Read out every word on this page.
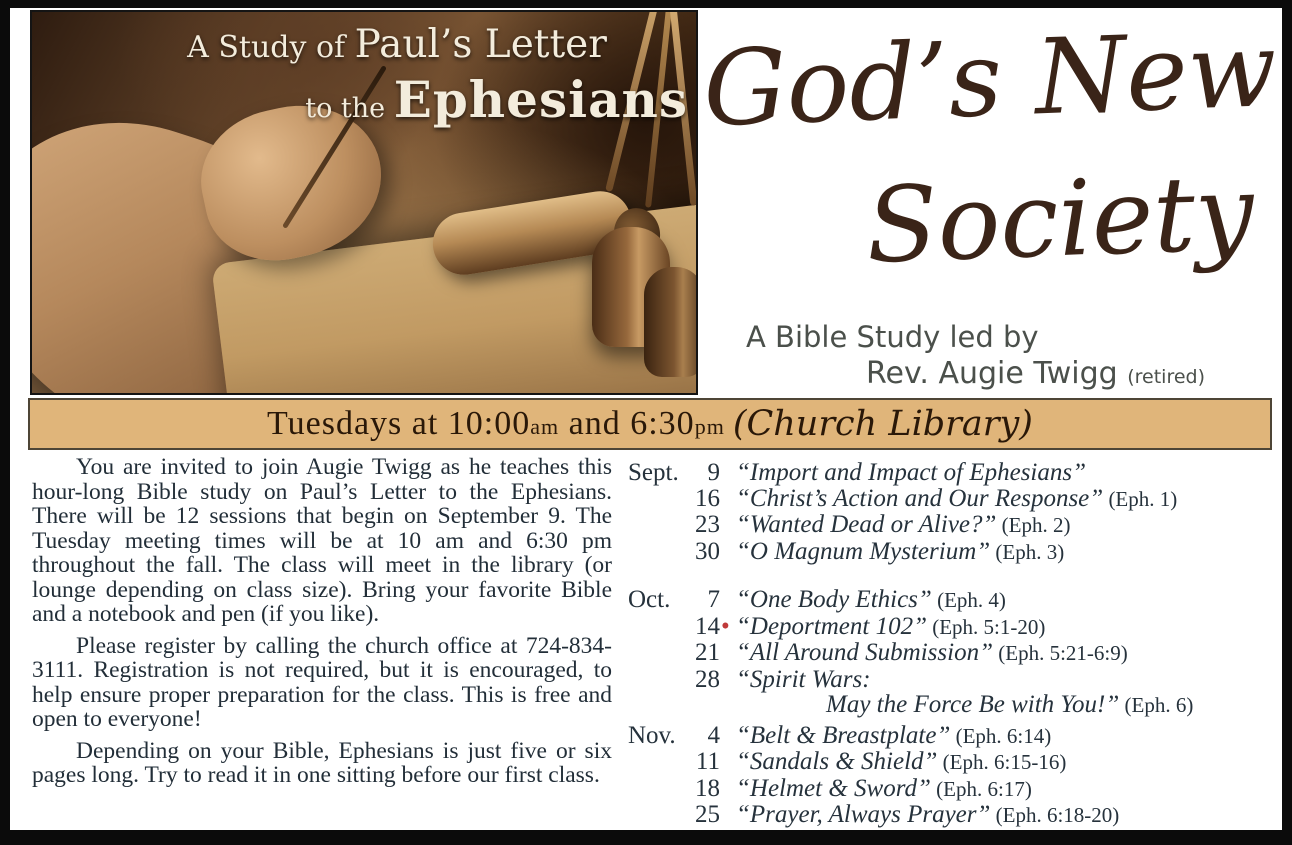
A Study of Paul’s Letter
to the Ephesians God’s New
Society
A Bible Study led by
Rev. Augie Twigg (retired)
Tuesdays at 10:00am and 6:30pm (Church Library)

You are invited to join Augie Twigg as he teaches this hour-long Bible study on Paul’s Letter to the Ephesians. There will be 12 sessions that begin on September 9. The Tuesday meeting times will be at 10 am and 6:30 pm throughout the fall. The class will meet in the library (or lounge depending on class size). Bring your favorite Bible and a notebook and pen (if you like).

Please register by calling the church office at 724-834-3111. Registration is not required, but it is encouraged, to help ensure proper preparation for the class. This is free and open to everyone!

Depending on your Bible, Ephesians is just five or six pages long. Try to read it in one sitting before our first class.

Sept.	9 “Import and Impact of Ephesians”
16 “Christ’s Action and Our Response” (Eph. 1)
23 “Wanted Dead or Alive?” (Eph. 2)
30 “O Magnum Mysterium” (Eph. 3)
Oct.	7 “One Body Ethics” (Eph. 4)
14 • “Deportment 102” (Eph. 5:1-20)
21 “All Around Submission” (Eph. 5:21-6:9)
28 “Spirit Wars:
May the Force Be with You!” (Eph. 6)
Nov.	4 “Belt & Breastplate” (Eph. 6:14)
11 “Sandals & Shield” (Eph. 6:15-16)
18 “Helmet & Sword” (Eph. 6:17)
25 “Prayer, Always Prayer” (Eph. 6:18-20)
